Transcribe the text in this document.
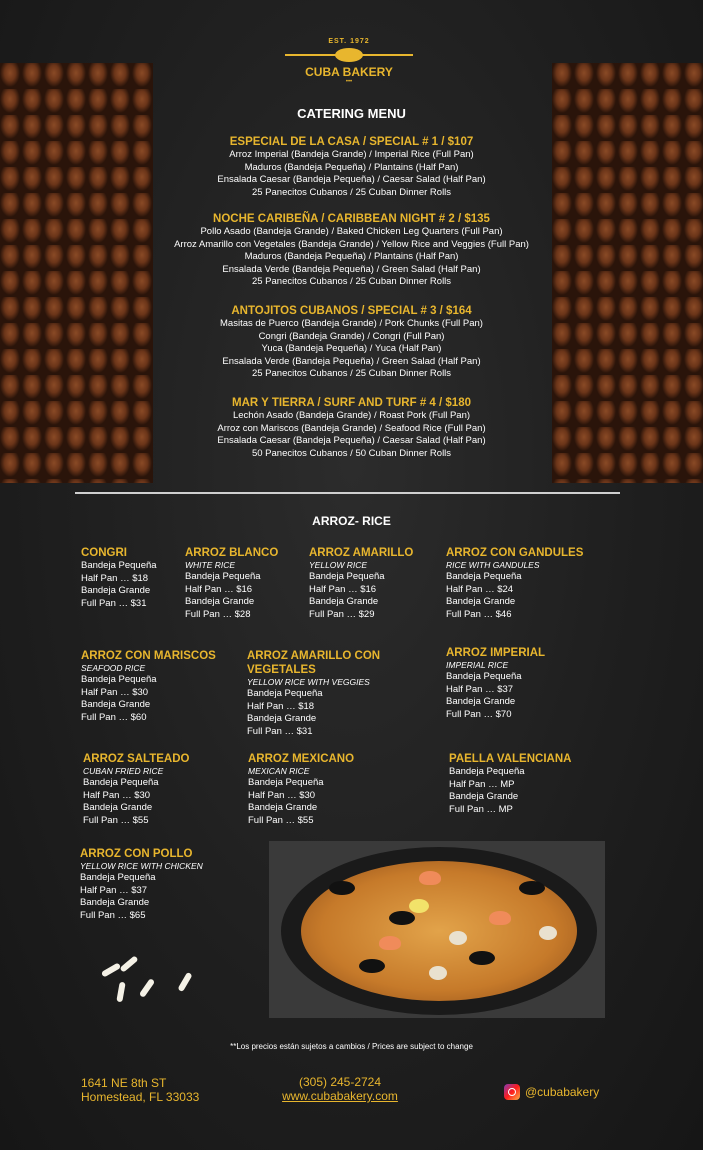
EST. 1972
CUBA BAKERY
•••
CATERING MENU
ESPECIAL DE LA CASA / SPECIAL # 1 / $107
Arroz Imperial (Bandeja Grande) / Imperial Rice (Full Pan)
Maduros (Bandeja Pequeña) / Plantains (Half Pan)
Ensalada Caesar (Bandeja Pequeña) / Caesar Salad (Half Pan)
25 Panecitos Cubanos / 25 Cuban Dinner Rolls
NOCHE CARIBEÑA / CARIBBEAN NIGHT # 2 / $135
Pollo Asado (Bandeja Grande) / Baked Chicken Leg Quarters (Full Pan)
Arroz Amarillo con Vegetales (Bandeja Grande) / Yellow Rice and Veggies (Full Pan)
Maduros (Bandeja Pequeña) / Plantains (Half Pan)
Ensalada Verde (Bandeja Pequeña) / Green Salad (Half Pan)
25 Panecitos Cubanos / 25 Cuban Dinner Rolls
ANTOJITOS CUBANOS / SPECIAL # 3 / $164
Masitas de Puerco (Bandeja Grande) / Pork Chunks (Full Pan)
Congri (Bandeja Grande) / Congri (Full Pan)
Yuca (Bandeja Pequeña) / Yuca (Half Pan)
Ensalada Verde (Bandeja Pequeña) / Green Salad (Half Pan)
25 Panecitos Cubanos / 25 Cuban Dinner Rolls
MAR Y TIERRA / SURF AND TURF # 4 / $180
Lechón Asado (Bandeja Grande) / Roast Pork (Full Pan)
Arroz con Mariscos (Bandeja Grande) / Seafood Rice (Full Pan)
Ensalada Caesar (Bandeja Pequeña) / Caesar Salad (Half Pan)
50 Panecitos Cubanos / 50 Cuban Dinner Rolls
ARROZ- RICE
CONGRI
Bandeja Pequeña
Half Pan … $18
Bandeja Grande
Full Pan … $31
ARROZ BLANCO
WHITE RICE
Bandeja Pequeña
Half Pan … $16
Bandeja Grande
Full Pan … $28
ARROZ AMARILLO
YELLOW RICE
Bandeja Pequeña
Half Pan … $16
Bandeja Grande
Full Pan … $29
ARROZ CON GANDULES
RICE WITH GANDULES
Bandeja Pequeña
Half Pan … $24
Bandeja Grande
Full Pan … $46
ARROZ CON MARISCOS
SEAFOOD RICE
Bandeja Pequeña
Half Pan … $30
Bandeja Grande
Full Pan … $60
ARROZ AMARILLO CON VEGETALES
YELLOW RICE WITH VEGGIES
Bandeja Pequeña
Half Pan … $18
Bandeja Grande
Full Pan … $31
ARROZ IMPERIAL
IMPERIAL RICE
Bandeja Pequeña
Half Pan … $37
Bandeja Grande
Full Pan … $70
ARROZ SALTEADO
CUBAN FRIED RICE
Bandeja Pequeña
Half Pan … $30
Bandeja Grande
Full Pan … $55
ARROZ MEXICANO
MEXICAN RICE
Bandeja Pequeña
Half Pan … $30
Bandeja Grande
Full Pan … $55
PAELLA VALENCIANA
Bandeja Pequeña
Half Pan … MP
Bandeja Grande
Full Pan … MP
ARROZ CON POLLO
YELLOW RICE WITH CHICKEN
Bandeja Pequeña
Half Pan … $37
Bandeja Grande
Full Pan … $65
**Los precios están sujetos a cambios / Prices are subject to change
1641 NE 8th ST
Homestead, FL 33033
(305) 245-2724
www.cubabakery.com	@cubabakery
